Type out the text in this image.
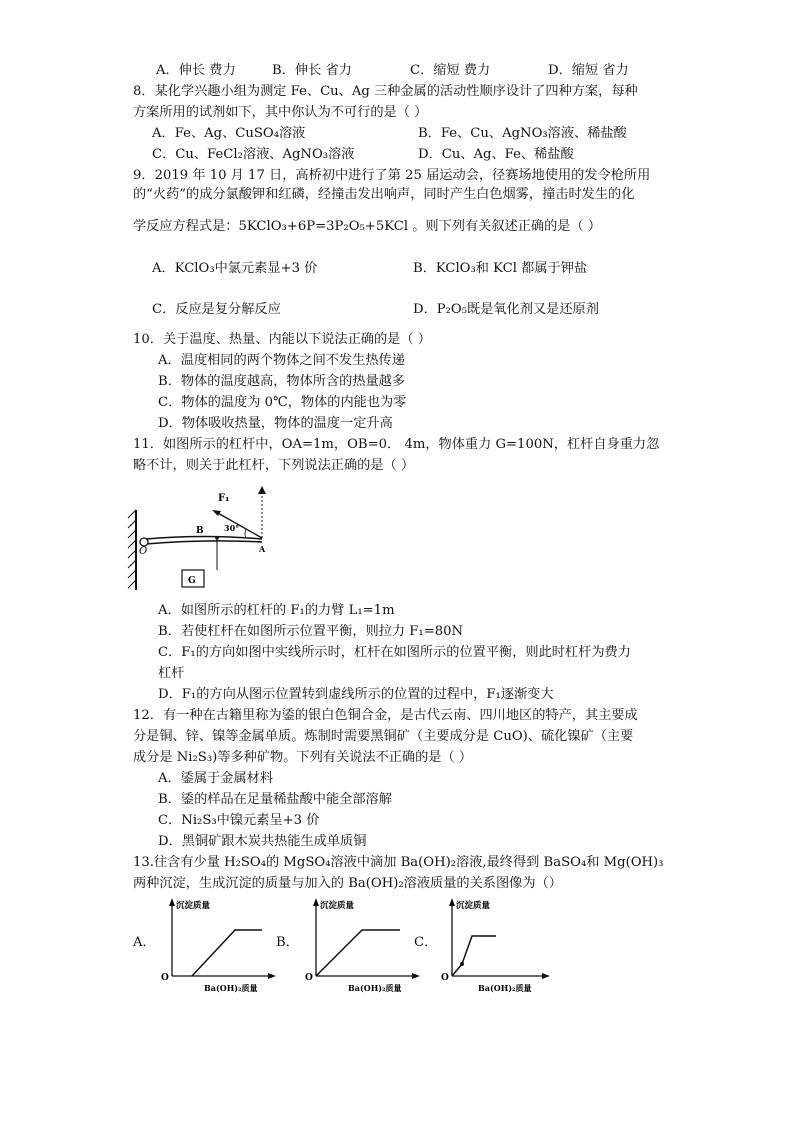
A．伸长 费力	B．伸长 省力	C．缩短 费力	D．缩短 省力
8．某化学兴趣小组为测定 Fe、Cu、Ag 三种金属的活动性顺序设计了四种方案，每种
方案所用的试剂如下，其中你认为不可行的是（ ）
A．Fe、Ag、CuSO₄溶液	B．Fe、Cu、AgNO₃溶液、稀盐酸
C．Cu、FeCl₂溶液、AgNO₃溶液	D．Cu、Ag、Fe、稀盐酸
9．2019 年 10 月 17 日，高桥初中进行了第 25 届运动会，径赛场地使用的发令枪所用
的“火药”的成分氯酸钾和红磷，经撞击发出响声，同时产生白色烟雾，撞击时发生的化
学反应方程式是：5KClO₃+6P=3P₂O₅+5KCl 。则下列有关叙述正确的是（ ）
A．KClO₃中氯元素显+3 价	B．KClO₃和 KCl 都属于钾盐
C．反应是复分解反应	D．P₂O₅既是氧化剂又是还原剂
10．关于温度、热量、内能以下说法正确的是（ ）
A．温度相同的两个物体之间不发生热传递
B．物体的温度越高，物体所含的热量越多
C．物体的温度为 0℃，物体的内能也为零
D．物体吸收热量，物体的温度一定升高
11．如图所示的杠杆中，OA=1m，OB=0． 4m，物体重力 G=100N，杠杆自身重力忽
略不计，则关于此杠杆，下列说法正确的是（ ）
F₁
B	30°
O	A
G
A．如图所示的杠杆的 F₁的力臂 L₁=1m
B．若使杠杆在如图所示位置平衡，则拉力 F₁=80N
C．F₁的方向如图中实线所示时，杠杆在如图所示的位置平衡，则此时杠杆为费力
杠杆
D．F₁的方向从图示位置转到虚线所示的位置的过程中，F₁逐渐变大
12．有一种在古籍里称为鋈的银白色铜合金，是古代云南、四川地区的特产，其主要成
分是铜、锌、镍等金属单质。炼制时需要黑铜矿（主要成分是 CuO)、硫化镍矿（主要
成分是 Ni₂S₃)等多种矿物。下列有关说法不正确的是（ ）
A．鋈属于金属材料
B．鋈的样品在足量稀盐酸中能全部溶解
C．Ni₂S₃中镍元素呈+3 价
D．黑铜矿跟木炭共热能生成单质铜
13.往含有少量 H₂SO₄的 MgSO₄溶液中滴加 Ba(OH)₂溶液,最终得到 BaSO₄和 Mg(OH)₃
两种沉淀，生成沉淀的质量与加入的 Ba(OH)₂溶液质量的关系图像为（）
A．
沉淀质量
O
Ba(OH)₂质量
B．
沉淀质量
O
Ba(OH)₂质量
C．
沉淀质量
O
Ba(OH)₂质量
